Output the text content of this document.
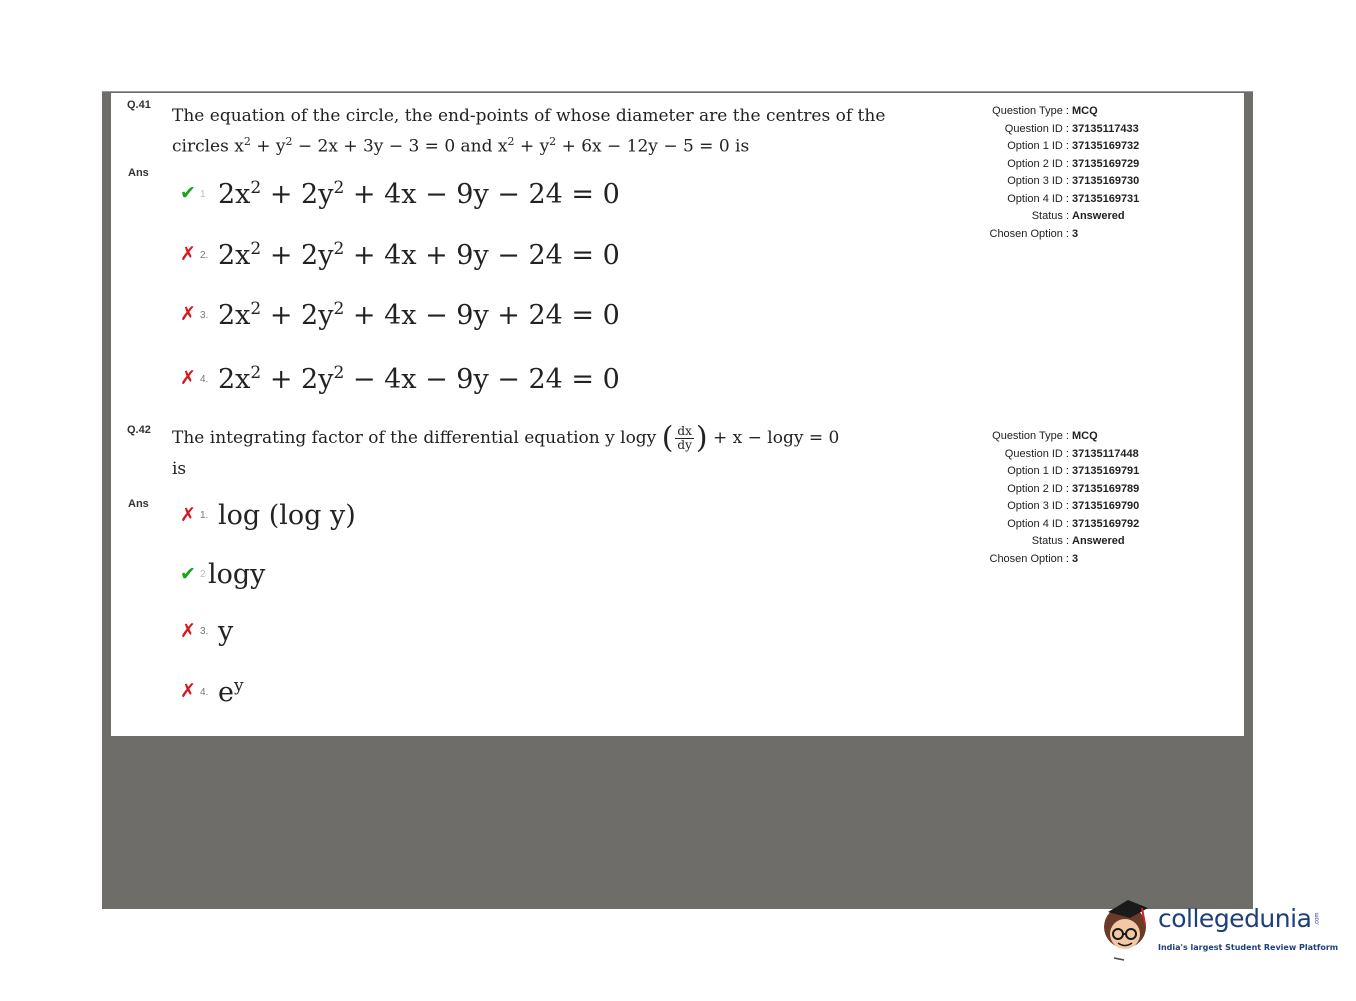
Q.41
The equation of the circle, the end-points of whose diameter are the centres of the
circles $x^2 + y^2 - 2x + 3y - 3 = 0$ and $x^2 + y^2 + 6x - 12y - 5 = 0$ is
Ans
✔ 1 $2x^2 + 2y^2 + 4x - 9y - 24 = 0$
✗ 2. $2x^2 + 2y^2 + 4x + 9y - 24 = 0$
✗ 3. $2x^2 + 2y^2 + 4x - 9y + 24 = 0$
✗ 4. $2x^2 + 2y^2 - 4x - 9y - 24 = 0$
Question Type : MCQ
Question ID : 37135117433
Option 1 ID : 37135169732
Option 2 ID : 37135169729
Option 3 ID : 37135169730
Option 4 ID : 37135169731
Status : Answered
Chosen Option : 3
Q.42 The integrating factor of the differential equation y logy ( $\frac{dx}{dy}$ ) + x − logy = 0
is
Ans
✗ 1. log (log y)
✔ 2 logy
✗ 3. y
✗ 4. $e^y$
Question Type : MCQ
Question ID : 37135117448
Option 1 ID : 37135169791
Option 2 ID : 37135169789
Option 3 ID : 37135169790
Option 4 ID : 37135169792
Status : Answered
Chosen Option : 3
collegedunia .com
India's largest Student Review Platform
